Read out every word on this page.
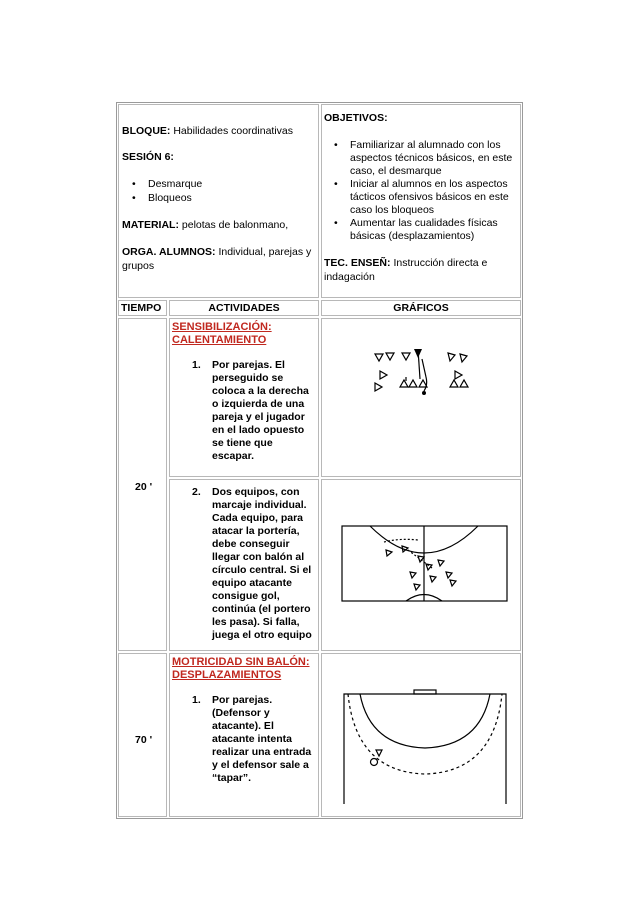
BLOQUE: Habilidades coordinativas
SESIÓN 6:
• Desmarque
• Bloqueos
MATERIAL: pelotas de balonmano,
ORGA. ALUMNOS: Individual, parejas y
grupos
OBJETIVOS:
• Familiarizar al alumnado con los aspectos técnicos básicos, en este caso, el desmarque
• Iniciar al alumnos en los aspectos tácticos ofensivos básicos en este caso los bloqueos
• Aumentar las cualidades físicas básicas (desplazamientos)
TEC. ENSEÑ: Instrucción directa e indagación
TIEMPO	ACTIVIDADES	GRÁFICOS
20 '
SENSIBILIZACIÓN: CALENTAMIENTO
1. Por parejas. El perseguido se coloca a la derecha o izquierda de una pareja y el jugador en el lado opuesto se tiene que escapar.
2. Dos equipos, con marcaje individual. Cada equipo, para atacar la portería, debe conseguir llegar con balón al círculo central. Si el equipo atacante consigue gol, continúa (el portero les pasa). Si falla, juega el otro equipo
70 '
MOTRICIDAD SIN BALÓN: DESPLAZAMIENTOS
1. Por parejas. (Defensor y atacante). El atacante intenta realizar una entrada y el defensor sale a “tapar”.
